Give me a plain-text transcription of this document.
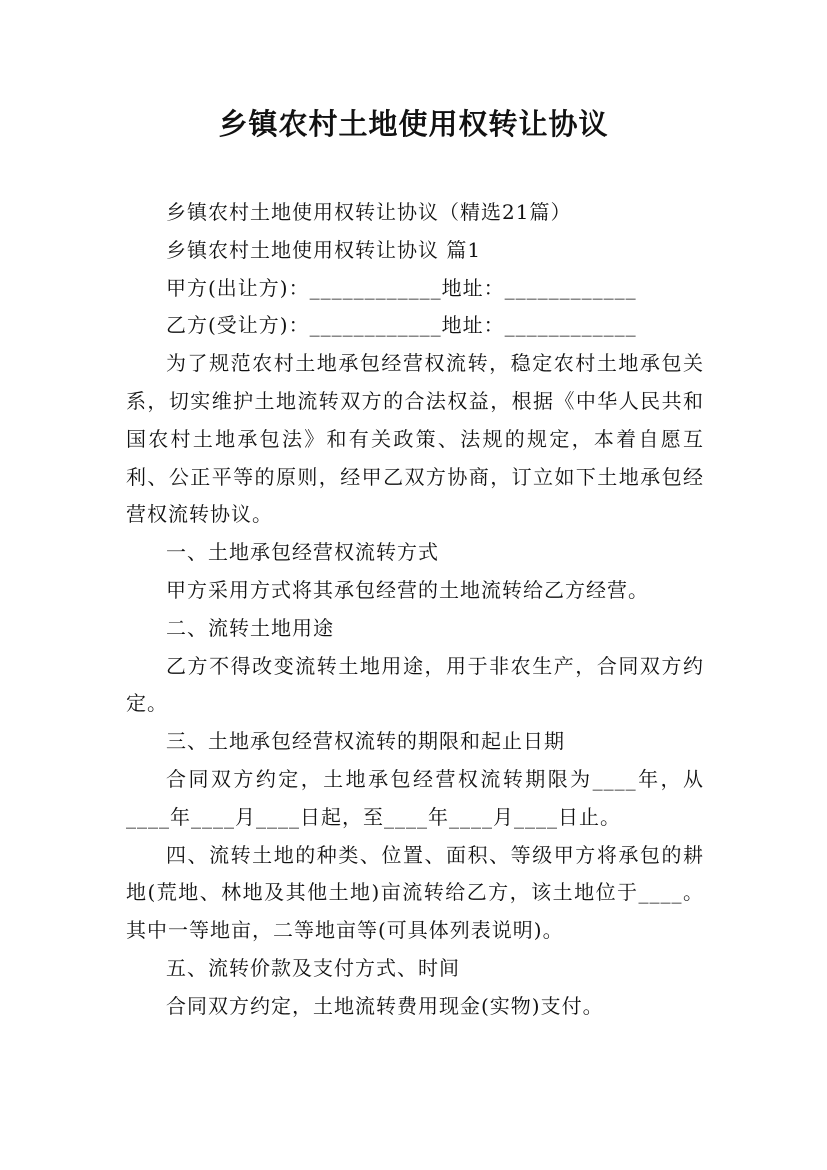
乡镇农村土地使用权转让协议

乡镇农村土地使用权转让协议（精选21篇）

乡镇农村土地使用权转让协议 篇1

甲方(出让方)：____________地址：____________

乙方(受让方)：____________地址：____________

为了规范农村土地承包经营权流转，稳定农村土地承包关系，切实维护土地流转双方的合法权益，根据《中华人民共和国农村土地承包法》和有关政策、法规的规定，本着自愿互利、公正平等的原则，经甲乙双方协商，订立如下土地承包经营权流转协议。

一、土地承包经营权流转方式

甲方采用方式将其承包经营的土地流转给乙方经营。

二、流转土地用途

乙方不得改变流转土地用途，用于非农生产，合同双方约定。

三、土地承包经营权流转的期限和起止日期

合同双方约定，土地承包经营权流转期限为____年，从____年____月____日起，至____年____月____日止。

四、流转土地的种类、位置、面积、等级甲方将承包的耕地(荒地、林地及其他土地)亩流转给乙方，该土地位于____。其中一等地亩，二等地亩等(可具体列表说明)。

五、流转价款及支付方式、时间

合同双方约定，土地流转费用现金(实物)支付。
